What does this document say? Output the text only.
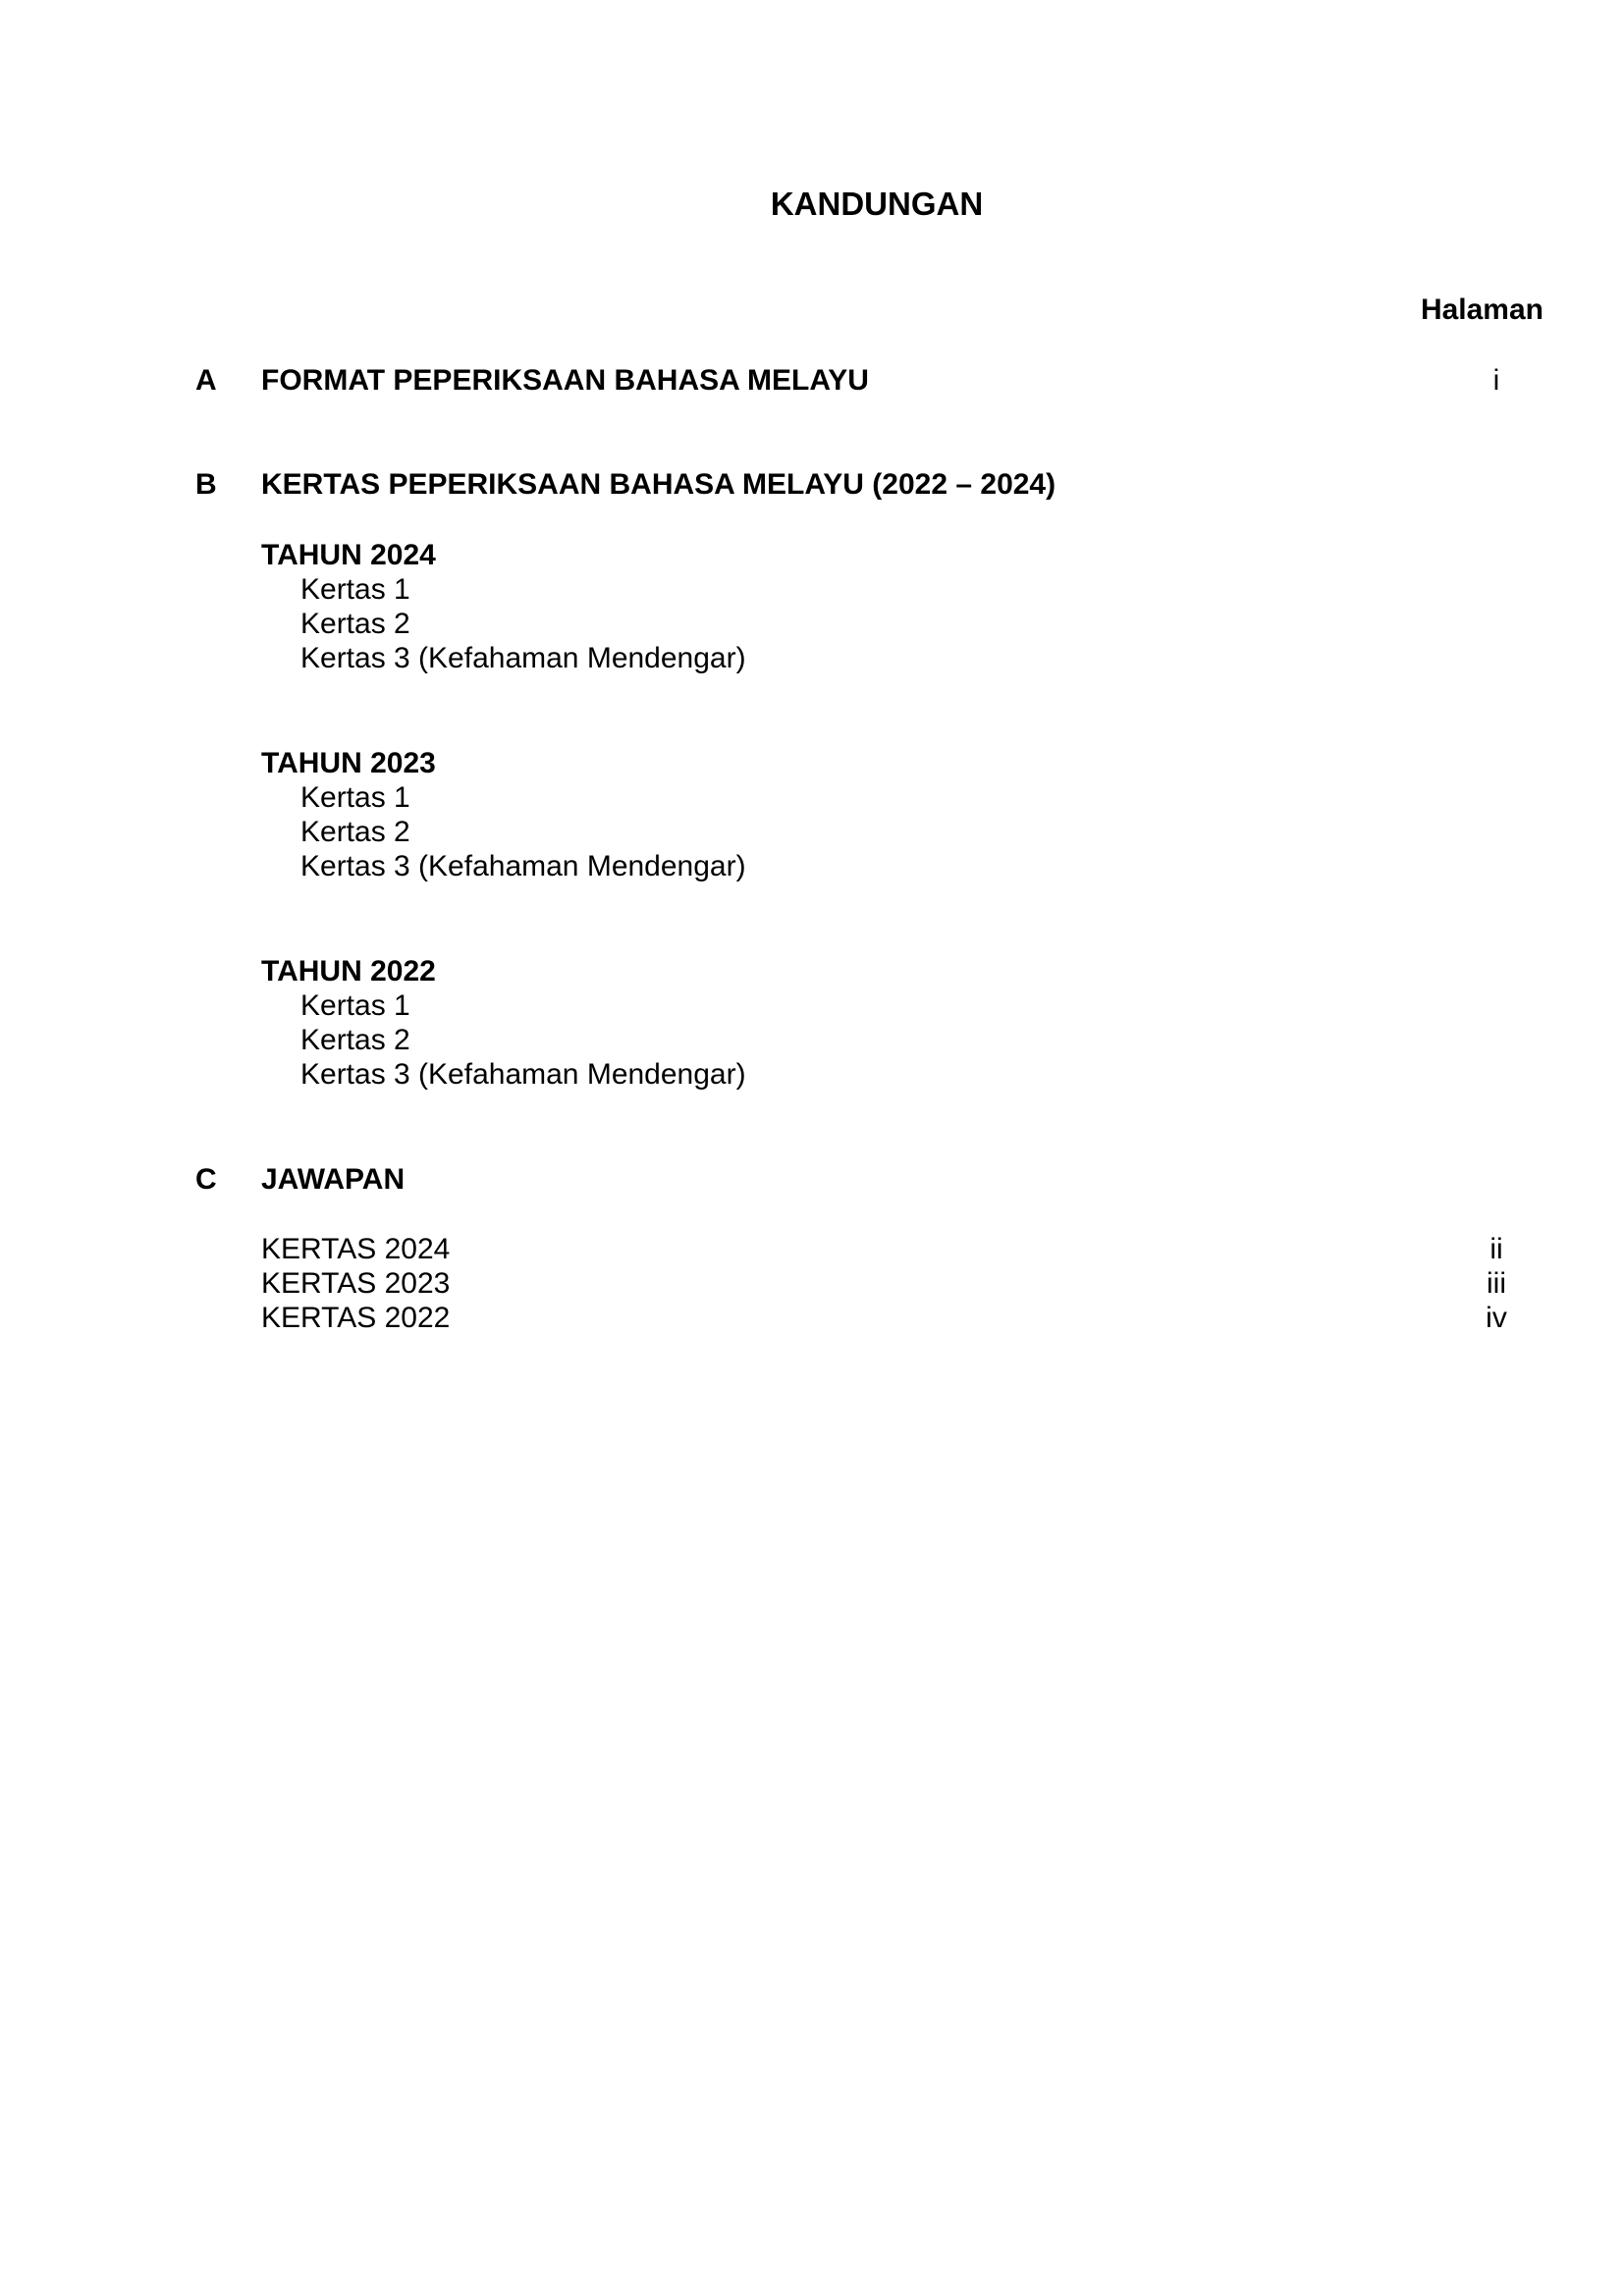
KANDUNGAN
Halaman
A FORMAT PEPERIKSAAN BAHASA MELAYU	i
B KERTAS PEPERIKSAAN BAHASA MELAYU (2022 – 2024)
TAHUN 2024
Kertas 1
Kertas 2
Kertas 3 (Kefahaman Mendengar)
TAHUN 2023
Kertas 1
Kertas 2
Kertas 3 (Kefahaman Mendengar)
TAHUN 2022
Kertas 1
Kertas 2
Kertas 3 (Kefahaman Mendengar)
C JAWAPAN
KERTAS 2024
KERTAS 2023
KERTAS 2022
ii
iii
iv
